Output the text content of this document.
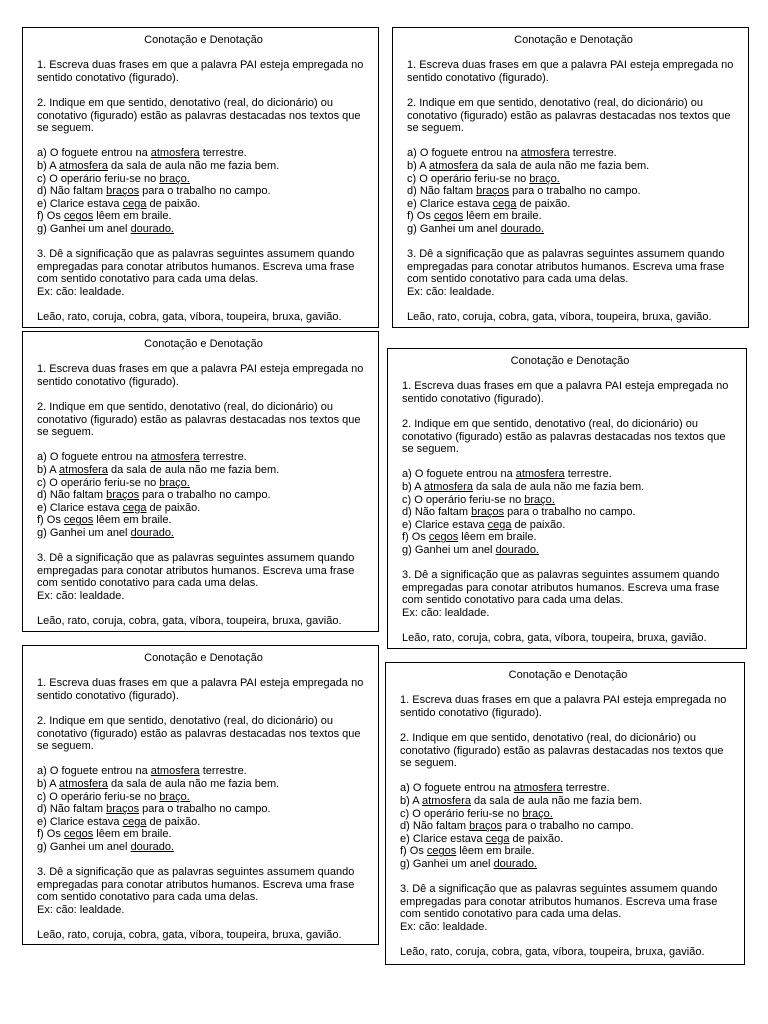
Conotação e Denotação

1. Escreva duas frases em que a palavra PAI esteja empregada no sentido conotativo (figurado).

2. Indique em que sentido, denotativo (real, do dicionário) ou conotativo (figurado) estão as palavras destacadas nos textos que se seguem.

a) O foguete entrou na atmosfera terrestre.
b) A atmosfera da sala de aula não me fazia bem.
c) O operário feriu-se no braço.
d) Não faltam braços para o trabalho no campo.
e) Clarice estava cega de paixão.
f) Os cegos lêem em braile.
g) Ganhei um anel dourado.

3. Dê a significação que as palavras seguintes assumem quando empregadas para conotar atributos humanos. Escreva uma frase com sentido conotativo para cada uma delas.
Ex: cão: lealdade.

Leão, rato, coruja, cobra, gata, víbora, toupeira, bruxa, gavião.

Conotação e Denotação

1. Escreva duas frases em que a palavra PAI esteja empregada no sentido conotativo (figurado).

2. Indique em que sentido, denotativo (real, do dicionário) ou conotativo (figurado) estão as palavras destacadas nos textos que se seguem.

a) O foguete entrou na atmosfera terrestre.
b) A atmosfera da sala de aula não me fazia bem.
c) O operário feriu-se no braço.
d) Não faltam braços para o trabalho no campo.
e) Clarice estava cega de paixão.
f) Os cegos lêem em braile.
g) Ganhei um anel dourado.

3. Dê a significação que as palavras seguintes assumem quando empregadas para conotar atributos humanos. Escreva uma frase com sentido conotativo para cada uma delas.
Ex: cão: lealdade.

Leão, rato, coruja, cobra, gata, víbora, toupeira, bruxa, gavião.

Conotação e Denotação

1. Escreva duas frases em que a palavra PAI esteja empregada no sentido conotativo (figurado).

2. Indique em que sentido, denotativo (real, do dicionário) ou conotativo (figurado) estão as palavras destacadas nos textos que se seguem.

a) O foguete entrou na atmosfera terrestre.
b) A atmosfera da sala de aula não me fazia bem.
c) O operário feriu-se no braço.
d) Não faltam braços para o trabalho no campo.
e) Clarice estava cega de paixão.
f) Os cegos lêem em braile.
g) Ganhei um anel dourado.

3. Dê a significação que as palavras seguintes assumem quando empregadas para conotar atributos humanos. Escreva uma frase com sentido conotativo para cada uma delas.
Ex: cão: lealdade.

Leão, rato, coruja, cobra, gata, víbora, toupeira, bruxa, gavião.

Conotação e Denotação

1. Escreva duas frases em que a palavra PAI esteja empregada no sentido conotativo (figurado).

2. Indique em que sentido, denotativo (real, do dicionário) ou conotativo (figurado) estão as palavras destacadas nos textos que se seguem.

a) O foguete entrou na atmosfera terrestre.
b) A atmosfera da sala de aula não me fazia bem.
c) O operário feriu-se no braço.
d) Não faltam braços para o trabalho no campo.
e) Clarice estava cega de paixão.
f) Os cegos lêem em braile.
g) Ganhei um anel dourado.

3. Dê a significação que as palavras seguintes assumem quando empregadas para conotar atributos humanos. Escreva uma frase com sentido conotativo para cada uma delas.
Ex: cão: lealdade.

Leão, rato, coruja, cobra, gata, víbora, toupeira, bruxa, gavião.

Conotação e Denotação

1. Escreva duas frases em que a palavra PAI esteja empregada no sentido conotativo (figurado).

2. Indique em que sentido, denotativo (real, do dicionário) ou conotativo (figurado) estão as palavras destacadas nos textos que se seguem.

a) O foguete entrou na atmosfera terrestre.
b) A atmosfera da sala de aula não me fazia bem.
c) O operário feriu-se no braço.
d) Não faltam braços para o trabalho no campo.
e) Clarice estava cega de paixão.
f) Os cegos lêem em braile.
g) Ganhei um anel dourado.

3. Dê a significação que as palavras seguintes assumem quando empregadas para conotar atributos humanos. Escreva uma frase com sentido conotativo para cada uma delas.
Ex: cão: lealdade.

Leão, rato, coruja, cobra, gata, víbora, toupeira, bruxa, gavião.

Conotação e Denotação

1. Escreva duas frases em que a palavra PAI esteja empregada no sentido conotativo (figurado).

2. Indique em que sentido, denotativo (real, do dicionário) ou conotativo (figurado) estão as palavras destacadas nos textos que se seguem.

a) O foguete entrou na atmosfera terrestre.
b) A atmosfera da sala de aula não me fazia bem.
c) O operário feriu-se no braço.
d) Não faltam braços para o trabalho no campo.
e) Clarice estava cega de paixão.
f) Os cegos lêem em braile.
g) Ganhei um anel dourado.

3. Dê a significação que as palavras seguintes assumem quando empregadas para conotar atributos humanos. Escreva uma frase com sentido conotativo para cada uma delas.
Ex: cão: lealdade.

Leão, rato, coruja, cobra, gata, víbora, toupeira, bruxa, gavião.
